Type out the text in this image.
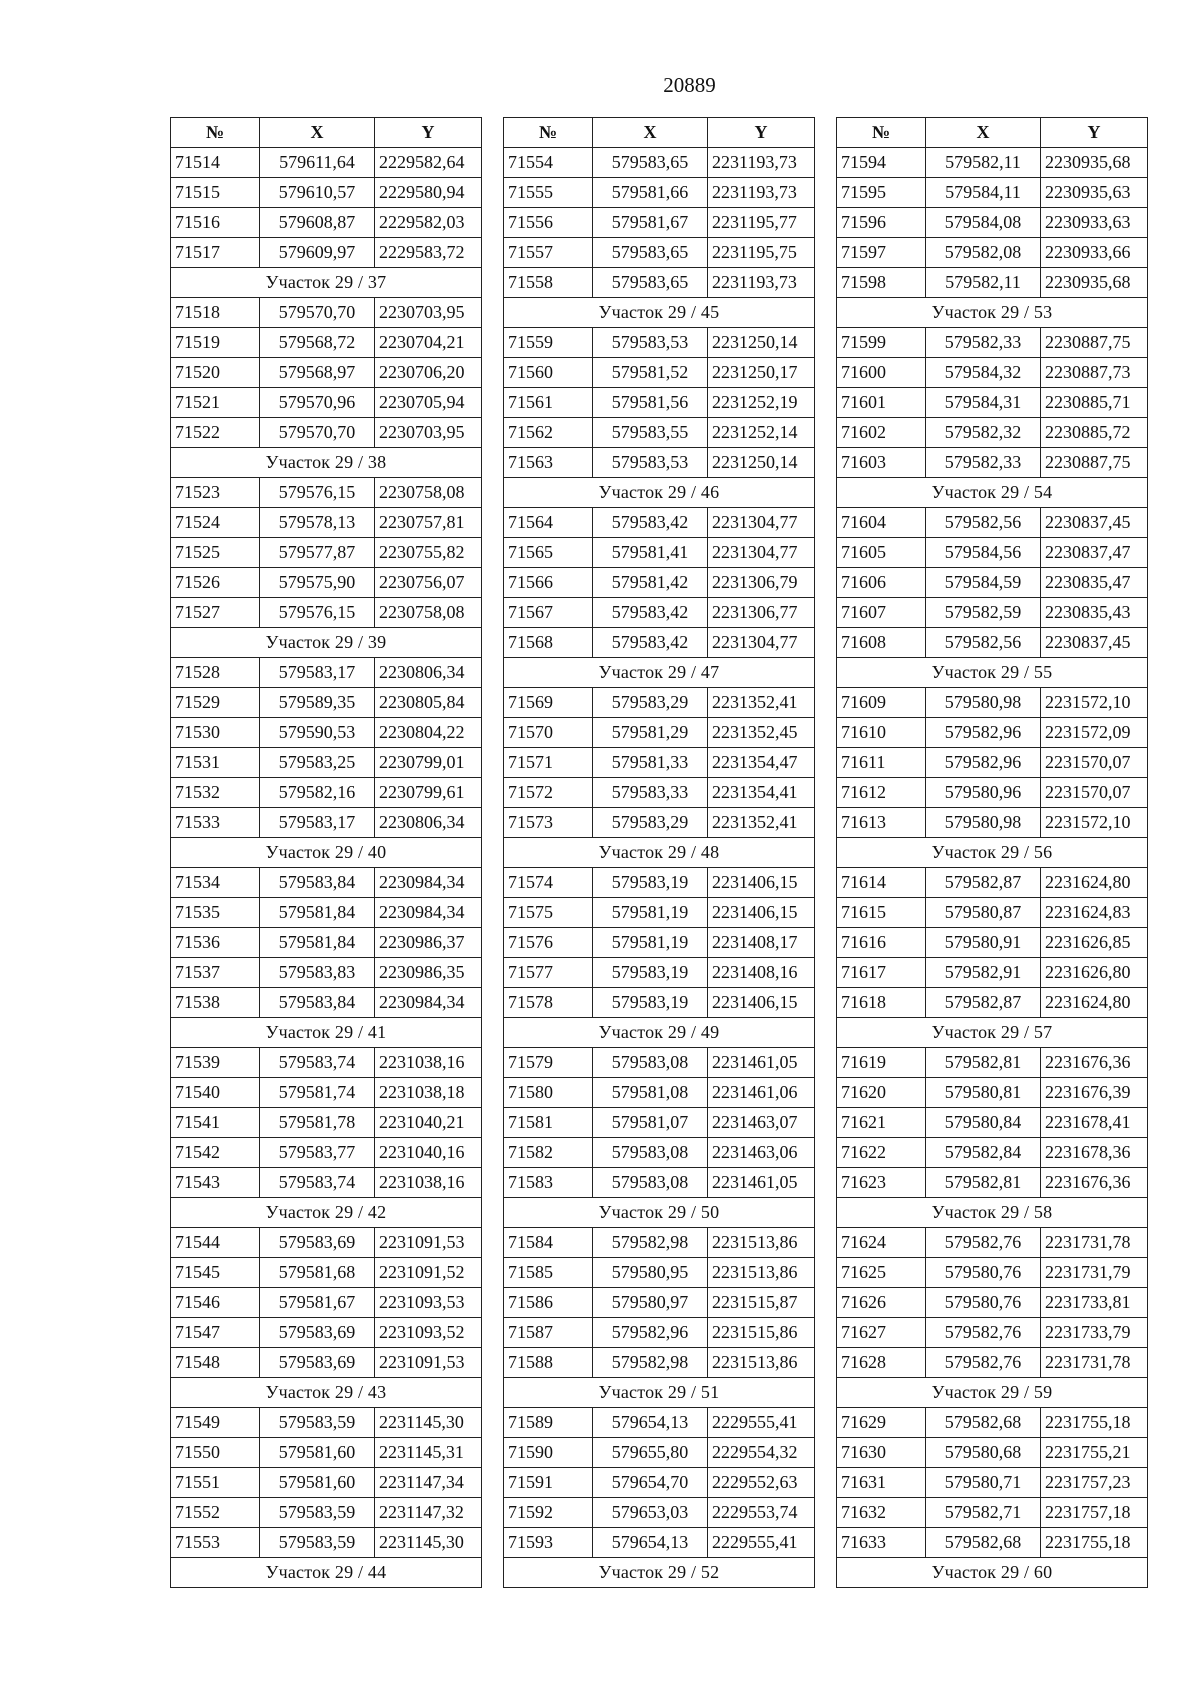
20889
№	X	Y
71514	579611,64	2229582,64
71515	579610,57	2229580,94
71516	579608,87	2229582,03
71517	579609,97	2229583,72
Участок 29 / 37		
71518	579570,70	2230703,95
71519	579568,72	2230704,21
71520	579568,97	2230706,20
71521	579570,96	2230705,94
71522	579570,70	2230703,95
Участок 29 / 38		
71523	579576,15	2230758,08
71524	579578,13	2230757,81
71525	579577,87	2230755,82
71526	579575,90	2230756,07
71527	579576,15	2230758,08
Участок 29 / 39		
71528	579583,17	2230806,34
71529	579589,35	2230805,84
71530	579590,53	2230804,22
71531	579583,25	2230799,01
71532	579582,16	2230799,61
71533	579583,17	2230806,34
Участок 29 / 40		
71534	579583,84	2230984,34
71535	579581,84	2230984,34
71536	579581,84	2230986,37
71537	579583,83	2230986,35
71538	579583,84	2230984,34
Участок 29 / 41		
71539	579583,74	2231038,16
71540	579581,74	2231038,18
71541	579581,78	2231040,21
71542	579583,77	2231040,16
71543	579583,74	2231038,16
Участок 29 / 42		
71544	579583,69	2231091,53
71545	579581,68	2231091,52
71546	579581,67	2231093,53
71547	579583,69	2231093,52
71548	579583,69	2231091,53
Участок 29 / 43		
71549	579583,59	2231145,30
71550	579581,60	2231145,31
71551	579581,60	2231147,34
71552	579583,59	2231147,32
71553	579583,59	2231145,30
Участок 29 / 44		
№	X	Y
71554	579583,65	2231193,73
71555	579581,66	2231193,73
71556	579581,67	2231195,77
71557	579583,65	2231195,75
71558	579583,65	2231193,73
Участок 29 / 45		
71559	579583,53	2231250,14
71560	579581,52	2231250,17
71561	579581,56	2231252,19
71562	579583,55	2231252,14
71563	579583,53	2231250,14
Участок 29 / 46		
71564	579583,42	2231304,77
71565	579581,41	2231304,77
71566	579581,42	2231306,79
71567	579583,42	2231306,77
71568	579583,42	2231304,77
Участок 29 / 47		
71569	579583,29	2231352,41
71570	579581,29	2231352,45
71571	579581,33	2231354,47
71572	579583,33	2231354,41
71573	579583,29	2231352,41
Участок 29 / 48		
71574	579583,19	2231406,15
71575	579581,19	2231406,15
71576	579581,19	2231408,17
71577	579583,19	2231408,16
71578	579583,19	2231406,15
Участок 29 / 49		
71579	579583,08	2231461,05
71580	579581,08	2231461,06
71581	579581,07	2231463,07
71582	579583,08	2231463,06
71583	579583,08	2231461,05
Участок 29 / 50		
71584	579582,98	2231513,86
71585	579580,95	2231513,86
71586	579580,97	2231515,87
71587	579582,96	2231515,86
71588	579582,98	2231513,86
Участок 29 / 51		
71589	579654,13	2229555,41
71590	579655,80	2229554,32
71591	579654,70	2229552,63
71592	579653,03	2229553,74
71593	579654,13	2229555,41
Участок 29 / 52		
№	X	Y
71594	579582,11	2230935,68
71595	579584,11	2230935,63
71596	579584,08	2230933,63
71597	579582,08	2230933,66
71598	579582,11	2230935,68
Участок 29 / 53		
71599	579582,33	2230887,75
71600	579584,32	2230887,73
71601	579584,31	2230885,71
71602	579582,32	2230885,72
71603	579582,33	2230887,75
Участок 29 / 54		
71604	579582,56	2230837,45
71605	579584,56	2230837,47
71606	579584,59	2230835,47
71607	579582,59	2230835,43
71608	579582,56	2230837,45
Участок 29 / 55		
71609	579580,98	2231572,10
71610	579582,96	2231572,09
71611	579582,96	2231570,07
71612	579580,96	2231570,07
71613	579580,98	2231572,10
Участок 29 / 56		
71614	579582,87	2231624,80
71615	579580,87	2231624,83
71616	579580,91	2231626,85
71617	579582,91	2231626,80
71618	579582,87	2231624,80
Участок 29 / 57		
71619	579582,81	2231676,36
71620	579580,81	2231676,39
71621	579580,84	2231678,41
71622	579582,84	2231678,36
71623	579582,81	2231676,36
Участок 29 / 58		
71624	579582,76	2231731,78
71625	579580,76	2231731,79
71626	579580,76	2231733,81
71627	579582,76	2231733,79
71628	579582,76	2231731,78
Участок 29 / 59		
71629	579582,68	2231755,18
71630	579580,68	2231755,21
71631	579580,71	2231757,23
71632	579582,71	2231757,18
71633	579582,68	2231755,18
Участок 29 / 60		
